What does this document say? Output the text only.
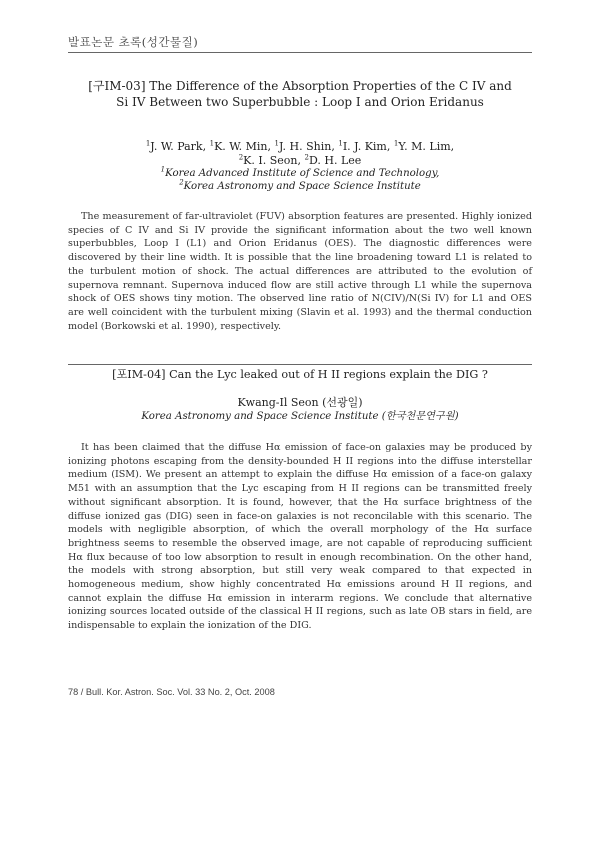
발표논문 초록(성간물질)
[구IM-03] The Difference of the Absorption Properties of the C IV and
Si IV Between two Superbubble : Loop I and Orion Eridanus
$^1$J. W. Park, $^1$K. W. Min, $^1$J. H. Shin, $^1$I. J. Kim, $^1$Y. M. Lim,
$^2$K. I. Seon, $^2$D. H. Lee
$^1$Korea Advanced Institute of Science and Technology,
$^2$Korea Astronomy and Space Science Institute

The measurement of far-ultraviolet (FUV) absorption features are presented. Highly ionized species of C IV and Si IV provide the significant information about the two well known superbubbles, Loop I (L1) and Orion Eridanus (OES). The diagnostic differences were discovered by their line width. It is possible that the line broadening toward L1 is related to the turbulent motion of shock. The actual differences are attributed to the evolution of supernova remnant. Supernova induced flow are still active through L1 while the supernova shock of OES shows tiny motion. The observed line ratio of N(CIV)/N(Si IV) for L1 and OES are well coincident with the turbulent mixing (Slavin et al. 1993) and the thermal conduction model (Borkowski et al. 1990), respectively.

[포IM-04] Can the Lyc leaked out of H II regions explain the DIG ?
Kwang-Il Seon (선광일)
Korea Astronomy and Space Science Institute (한국천문연구원)

It has been claimed that the diffuse Hα emission of face-on galaxies may be produced by ionizing photons escaping from the density-bounded H II regions into the diffuse interstellar medium (ISM). We present an attempt to explain the diffuse Hα emission of a face-on galaxy M51 with an assumption that the Lyc escaping from H II regions can be transmitted freely without significant absorption. It is found, however, that the Hα surface brightness of the diffuse ionized gas (DIG) seen in face-on galaxies is not reconcilable with this scenario. The models with negligible absorption, of which the overall morphology of the Hα surface brightness seems to resemble the observed image, are not capable of reproducing sufficient Hα flux because of too low absorption to result in enough recombination. On the other hand, the models with strong absorption, but still very weak compared to that expected in homogeneous medium, show highly concentrated Hα emissions around H II regions, and cannot explain the diffuse Hα emission in interarm regions. We conclude that alternative ionizing sources located outside of the classical H II regions, such as late OB stars in field, are indispensable to explain the ionization of the DIG.

78 / Bull. Kor. Astron. Soc. Vol. 33 No. 2, Oct. 2008
